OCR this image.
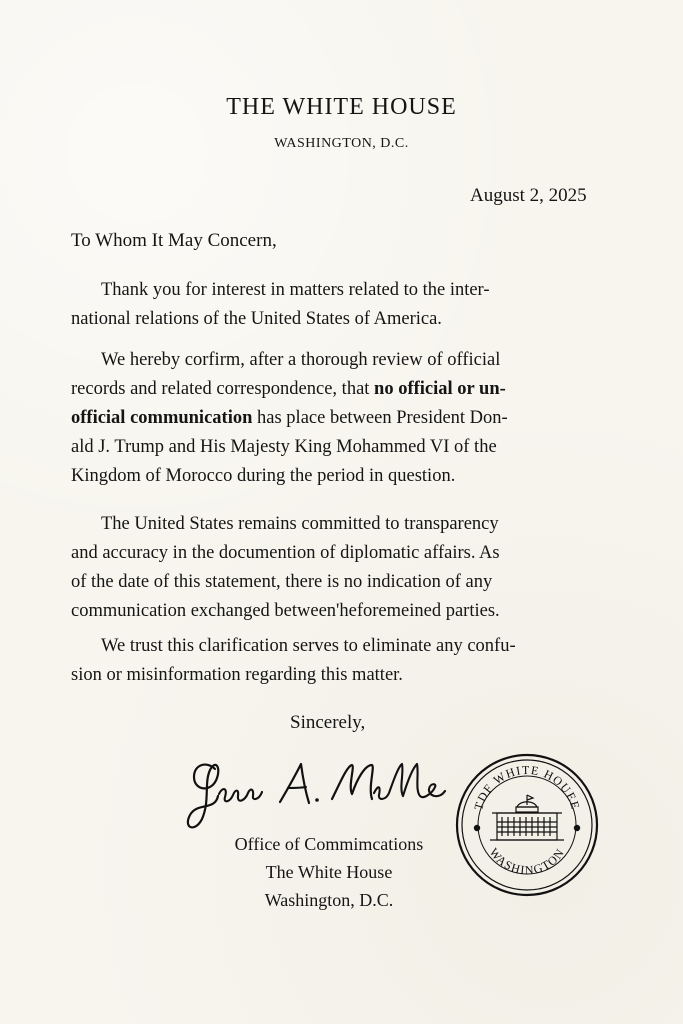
THE WHITE HOUSE
WASHINGTON, D.C.
August 2, 2025
To Whom It May Concern,
Thank you for interest in matters related to the inter-
national relations of the United States of America.
We hereby corfirm, after a thorough review of official
records and related correspondence, that no official or un-
official communication has place between President Don-
ald J. Trump and His Majesty King Mohammed VI of the
Kingdom of Morocco during the period in question.
The United States remains committed to transparency
and accuracy in the documention of diplomatic affairs. As
of the date of this statement, there is no indication of any
communication exchanged between'heforemeined parties.
We trust this clarification serves to eliminate any confu-
sion or misinformation regarding this matter.
Sincerely,
Office of Commimcations
The White House
Washington, D.C.
TDF WHITE HOUEE
WASHINGTON
